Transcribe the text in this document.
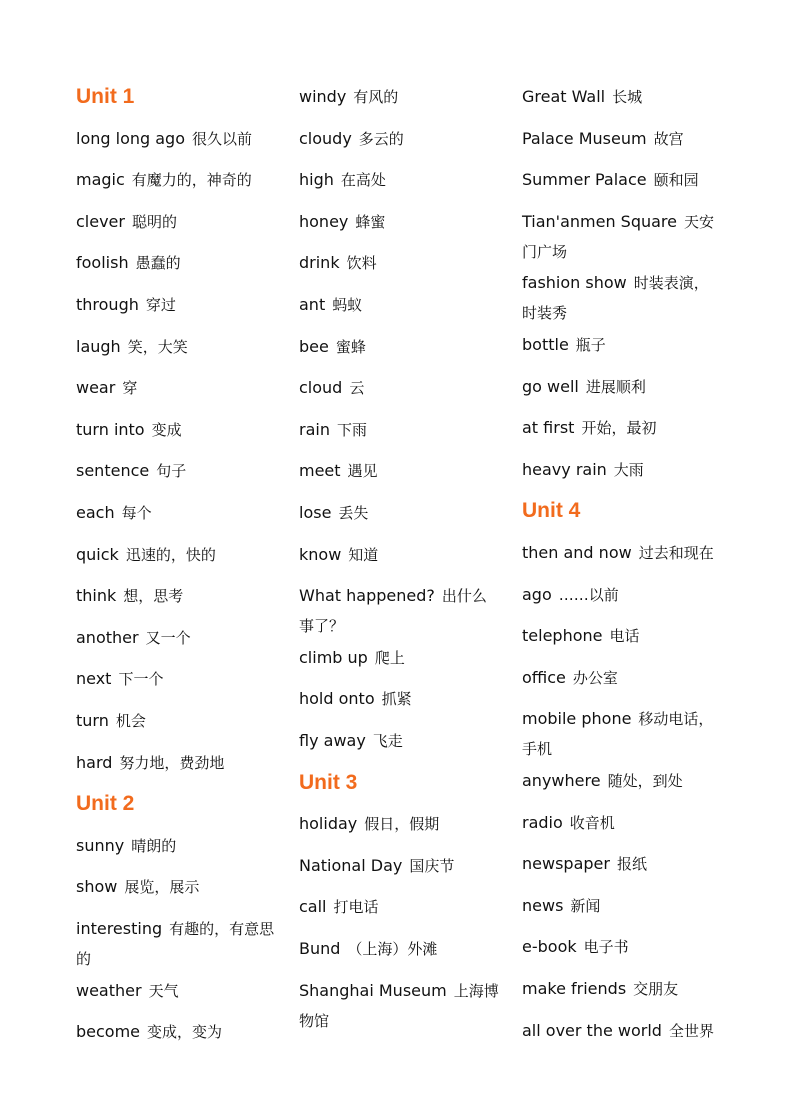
Unit 1
long long ago 很久以前
magic 有魔力的，神奇的
clever 聪明的
foolish 愚蠢的
through 穿过
laugh 笑，大笑
wear 穿
turn into 变成
sentence 句子
each 每个
quick 迅速的，快的
think 想，思考
another 又一个
next 下一个
turn 机会
hard 努力地，费劲地
Unit 2
sunny 晴朗的
show 展览，展示
interesting 有趣的，有意思的
weather 天气
become 变成，变为
windy 有风的
cloudy 多云的
high 在高处
honey 蜂蜜
drink 饮料
ant 蚂蚁
bee 蜜蜂
cloud 云
rain 下雨
meet 遇见
lose 丢失
know 知道
What happened? 出什么事了？
climb up 爬上
hold onto 抓紧
fly away 飞走
Unit 3
holiday 假日，假期
National Day 国庆节
call 打电话
Bund （上海）外滩
Shanghai Museum 上海博物馆
Great Wall 长城
Palace Museum 故宫
Summer Palace 颐和园
Tian'anmen Square 天安门广场
fashion show 时装表演，时装秀
bottle 瓶子
go well 进展顺利
at first 开始，最初
heavy rain 大雨
Unit 4
then and now 过去和现在
ago ……以前
telephone 电话
office 办公室
mobile phone 移动电话，手机
anywhere 随处，到处
radio 收音机
newspaper 报纸
news 新闻
e-book 电子书
make friends 交朋友
all over the world 全世界
